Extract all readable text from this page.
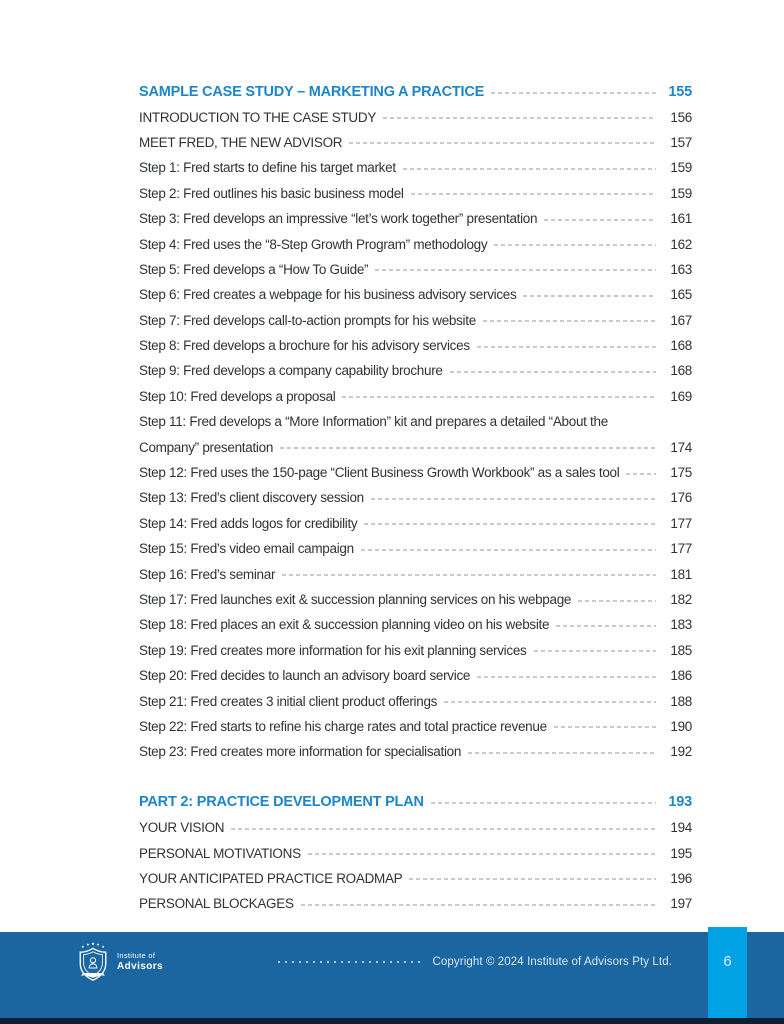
SAMPLE CASE STUDY – MARKETING A PRACTICE	155
INTRODUCTION TO THE CASE STUDY	156
MEET FRED, THE NEW ADVISOR	157
Step 1: Fred starts to define his target market	159
Step 2: Fred outlines his basic business model	159
Step 3: Fred develops an impressive “let’s work together” presentation	161
Step 4: Fred uses the “8-Step Growth Program” methodology	162
Step 5: Fred develops a “How To Guide”	163
Step 6: Fred creates a webpage for his business advisory services	165
Step 7: Fred develops call-to-action prompts for his website	167
Step 8: Fred develops a brochure for his advisory services	168
Step 9: Fred develops a company capability brochure	168
Step 10: Fred develops a proposal	169
Step 11: Fred develops a “More Information” kit and prepares a detailed “About the
Company” presentation	174
Step 12: Fred uses the 150-page “Client Business Growth Workbook” as a sales tool	175
Step 13: Fred’s client discovery session	176
Step 14: Fred adds logos for credibility	177
Step 15: Fred’s video email campaign	177
Step 16: Fred’s seminar	181
Step 17: Fred launches exit & succession planning services on his webpage	182
Step 18: Fred places an exit & succession planning video on his website	183
Step 19: Fred creates more information for his exit planning services	185
Step 20: Fred decides to launch an advisory board service	186
Step 21: Fred creates 3 initial client product offerings	188
Step 22: Fred starts to refine his charge rates and total practice revenue	190
Step 23: Fred creates more information for specialisation	192
PART 2: PRACTICE DEVELOPMENT PLAN	193
YOUR VISION	194
PERSONAL MOTIVATIONS	195
YOUR ANTICIPATED PRACTICE ROADMAP	196
PERSONAL BLOCKAGES	197
Institute of
Advisors	Copyright © 2024 Institute of Advisors Pty Ltd.	6
